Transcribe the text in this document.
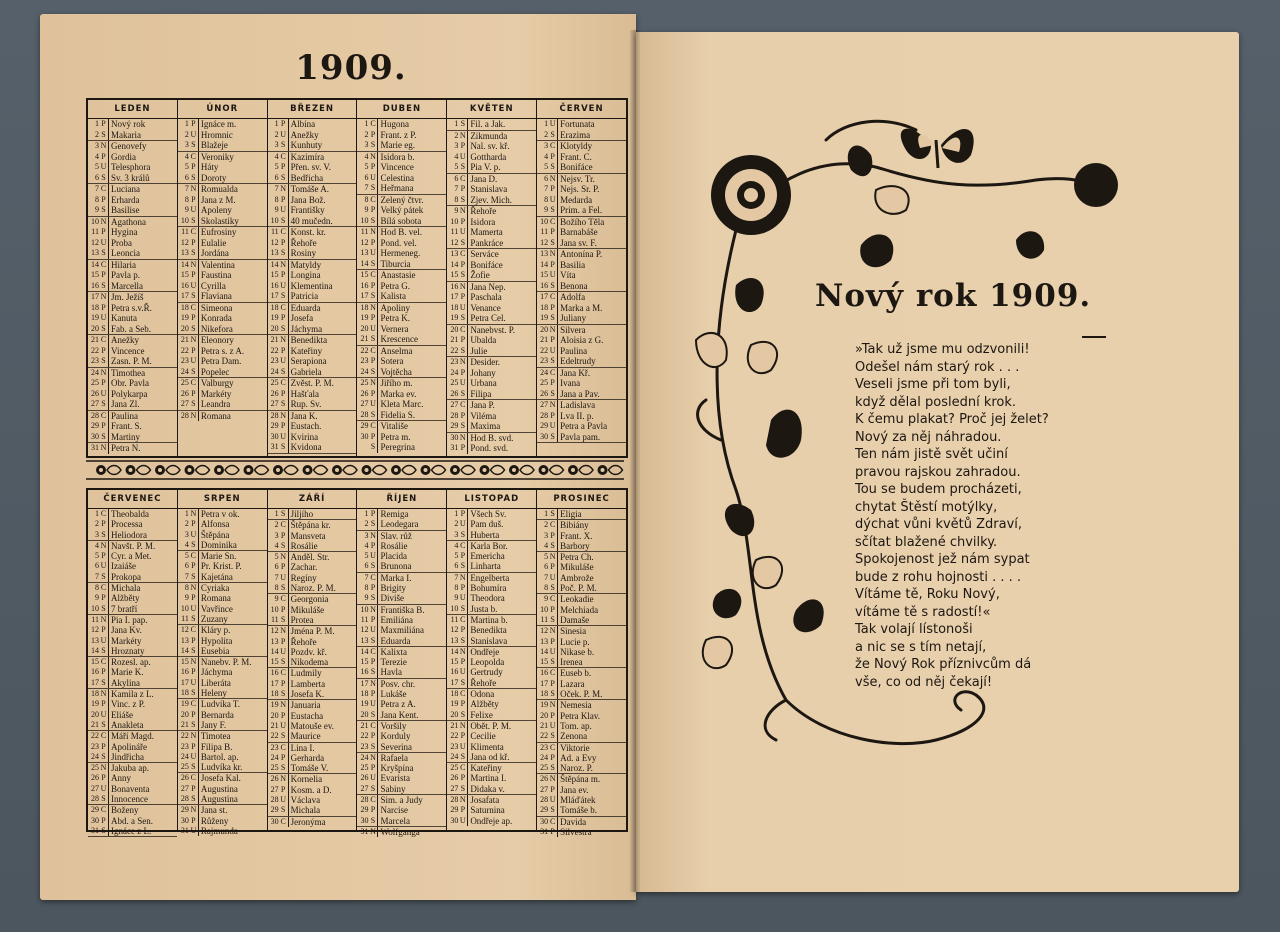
1909.
LEDEN
1 P Nový rok
2 S Makaria
3 N Genovefy
4 P Gordia
5 U Telesphora
6 S Sv. 3 králů
7 C Luciana
8 P Erharda
9 S Basilise
10 N Agathona
11 P Hygina
12 U Proba
13 S Leoncia
14 C Hilaria
15 P Pavla p.
16 S Marcella
17 N Jm. Ježíš
18 P Petra s.v.Ř.
19 U Kanuta
20 S Fab. a Seb.
21 C Anežky
22 P Vincence
23 S Zasn. P. M.
24 N Timothea
25 P Obr. Pavla
26 U Polykarpa
27 S Jana Zl.
28 C Paulina
29 P Frant. S.
30 S Martiny
31 N Petra N.
ÚNOR
1 P Ignáce m.
2 U Hromnic
3 S Blažeje
4 C Veroniky
5 P Háty
6 S Doroty
7 N Romualda
8 P Jana z M.
9 U Apoleny
10 S Skolastiky
11 C Eufrosiny
12 P Eulalie
13 S Jordána
14 N Valentina
15 P Faustina
16 U Cyrilla
17 S Flaviana
18 C Simeona
19 P Konrada
20 S Nikefora
21 N Eleonory
22 P Petra s. z A.
23 U Petra Dam.
24 S Popelec
25 C Valburgy
26 P Markéty
27 S Leandra
28 N Romana
BŘEZEN
1 P Albína
2 U Anežky
3 S Kunhuty
4 C Kazimíra
5 P Přen. sv. V.
6 S Bedřicha
7 N Tomáše A.
8 P Jana Bož.
9 U Františky
10 S 40 mučedn.
11 C Konst. kr.
12 P Řehoře
13 S Rosiny
14 N Matyldy
15 P Longina
16 U Klementina
17 S Patricia
18 C Eduarda
19 P Josefa
20 S Jáchyma
21 N Benedikta
22 P Kateřiny
23 U Serapiona
24 S Gabriela
25 C Zvěst. P. M.
26 P Hašťala
27 S Rup. Sv.
28 N Jana K.
29 P Eustach.
30 U Kvirina
31 S Kvidona
DUBEN
1 C Hugona
2 P Frant. z P.
3 S Marie eg.
4 N Isidora b.
5 P Vincence
6 U Celestina
7 S Heřmana
8 C Zelený čtvr.
9 P Velký pátek
10 S Bílá sobota
11 N Hod B. vel.
12 P Pond. vel.
13 U Hermeneg.
14 S Tiburcia
15 C Anastasie
16 P Petra G.
17 S Kalista
18 N Apoliny
19 P Petra K.
20 U Vernera
21 S Krescence
22 C Anselma
23 P Sotera
24 S Vojtěcha
25 N Jiřího m.
26 P Marka ev.
27 U Kleta Marc.
28 S Fidelia S.
29 C Vitališe
30 P Petra m.
S Peregrina
KVĚTEN
1 S Fil. a Jak.
2 N Zikmunda
3 P Nal. sv. kř.
4 U Gottharda
5 S Pia V. p.
6 C Jana D.
7 P Stanislava
8 S Zjev. Mich.
9 N Řehoře
10 P Isidora
11 U Mamerta
12 S Pankráce
13 C Serváce
14 P Bonifáce
15 S Žofie
16 N Jana Nep.
17 P Paschala
18 U Venance
19 S Petra Cel.
20 C Nanebvst. P.
21 P Ubalda
22 S Julie
23 N Desider.
24 P Johany
25 U Urbana
26 S Filipa
27 C Jana P.
28 P Viléma
29 S Maxima
30 N Hod B. svd.
31 P Pond. svd.
ČERVEN
1 U Fortunata
2 S Erazima
3 C Klotyldy
4 P Frant. C.
5 S Bonifáce
6 N Nejsv. Tr.
7 P Nejs. Sr. P.
8 U Medarda
9 S Prim. a Fel.
10 C Božího Těla
11 P Barnabáše
12 S Jana sv. F.
13 N Antonína P.
14 P Basilia
15 U Víta
16 S Benona
17 C Adolfa
18 P Marka a M.
19 S Juliany
20 N Silvera
21 P Aloisia z G.
22 U Paulina
23 S Edeltrudy
24 C Jana Kř.
25 P Ivana
26 S Jana a Pav.
27 N Ladislava
28 P Lva II. p.
29 U Petra a Pavla
30 S Pavla pam.
ČERVENEC
1 C Theobalda
2 P Processa
3 S Heliodora
4 N Navšt. P. M.
5 P Cyr. a Met.
6 U Izaiáše
7 S Prokopa
8 C Michala
9 P Alžběty
10 S 7 bratří
11 N Pia I. pap.
12 P Jana Kv.
13 U Markéty
14 S Hroznaty
15 C Rozesl. ap.
16 P Marie K.
17 S Akylina
18 N Kamila z L.
19 P Vinc. z P.
20 U Eliáše
21 S Anakleta
22 C Máří Magd.
23 P Apolináře
24 S Jindřicha
25 N Jakuba ap.
26 P Anny
27 U Bonaventa
28 S Innocence
29 C Boženy
30 P Abd. a Sen.
31 S Ignáce z L.
SRPEN
1 N Petra v ok.
2 P Alfonsa
3 U Štěpána
4 S Dominika
5 C Marie Sn.
6 P Pr. Krist. P.
7 S Kajetána
8 N Cyriaka
9 P Romana
10 U Vavřince
11 S Zuzany
12 C Kláry p.
13 P Hypolita
14 S Eusebia
15 N Nanebv. P. M.
16 P Jáchyma
17 U Liberáta
18 S Heleny
19 C Ludvíka T.
20 P Bernarda
21 S Jany F.
22 N Timotea
23 P Filipa B.
24 U Bartol. ap.
25 S Ludvíka kr.
26 C Josefa Kal.
27 P Augustina
28 S Augustina
29 N Jana st.
30 P Růženy
31 U Rajmunda
ZÁŘÍ
1 S Jiljího
2 C Štěpána kr.
3 P Mansveta
4 S Rosálie
5 N Anděl. Str.
6 P Zachar.
7 U Regíny
8 S Naroz. P. M.
9 C Georgonia
10 P Mikuláše
11 S Protea
12 N Jména P. M.
13 P Řehoře
14 U Pozdv. kř.
15 S Nikodema
16 C Ludmily
17 P Lamberta
18 S Josefa K.
19 N Januaria
20 P Eustacha
21 U Matouše ev.
22 S Maurice
23 C Lina I.
24 P Gerharda
25 S Tomáše V.
26 N Kornelia
27 P Kosm. a D.
28 U Václava
29 S Michala
30 C Jeronýma
ŘÍJEN
1 P Remiga
2 S Leodegara
3 N Slav. růž
4 P Rosálie
5 U Placida
6 S Brunona
7 C Marka I.
8 P Brigity
9 S Diviše
10 N Františka B.
11 P Emiliána
12 U Maxmiliána
13 S Eduarda
14 C Kalixta
15 P Terezie
16 S Havla
17 N Posv. chr.
18 P Lukáše
19 U Petra z A.
20 S Jana Kent.
21 C Voršily
22 P Korduly
23 S Severina
24 N Rafaela
25 P Kryšpína
26 U Evarista
27 S Sabiny
28 C Sim. a Judy
29 P Narcise
30 S Marcela
31 N Wolfganga
LISTOPAD
1 P Všech Sv.
2 U Pam duš.
3 S Huberta
4 C Karla Bor.
5 P Emericha
6 S Linharta
7 N Engelberta
8 P Bohumíra
9 U Theodora
10 S Justa b.
11 C Martina b.
12 P Benedikta
13 S Stanislava
14 N Ondřeje
15 P Leopolda
16 U Gertrudy
17 S Řehoře
18 C Odona
19 P Alžběty
20 S Felixe
21 N Obět. P. M.
22 P Cecilie
23 U Klimenta
24 S Jana od kř.
25 C Kateřiny
26 P Martina I.
27 S Didaka v.
28 N Josafata
29 P Saturnina
30 U Ondřeje ap.
PROSINEC
1 S Eligia
2 C Bibiány
3 P Frant. X.
4 S Barbory
5 N Petra Ch.
6 P Mikuláše
7 U Ambrože
8 S Poč. P. M.
9 C Leokadie
10 P Melchiada
11 S Damaše
12 N Sinesia
13 P Lucie p.
14 U Nikase b.
15 S Irenea
16 C Euseb b.
17 P Lazara
18 S Oček. P. M.
19 N Nemesia
20 P Petra Klav.
21 U Tom. ap.
22 S Zenona
23 C Viktorie
24 P Ad. a Evy
25 S Naroz. P.
26 N Štěpána m.
27 P Jana ev.
28 U Mláďátek
29 S Tomáše b.
30 C Davida
31 P Silvestra
Nový rok 1909.
»Tak už jsme mu odzvonili!
Odešel nám starý rok . . .
Veseli jsme při tom byli,
když dělal poslední krok.
K čemu plakat? Proč jej želet?
Nový za něj náhradou.
Ten nám jistě svět učiní
pravou rajskou zahradou.
Tou se budem procházeti,
chytat Štěstí motýlky,
dýchat vůni květů Zdraví,
sčítat blažené chvilky.
Spokojenost jež nám sypat
bude z rohu hojnosti . . . .
Vítáme tě, Roku Nový,
vítáme tě s radostí!«
Tak volají lístonoši
a nic se s tím netají,
že Nový Rok příznivcům dá
vše, co od něj čekají!
